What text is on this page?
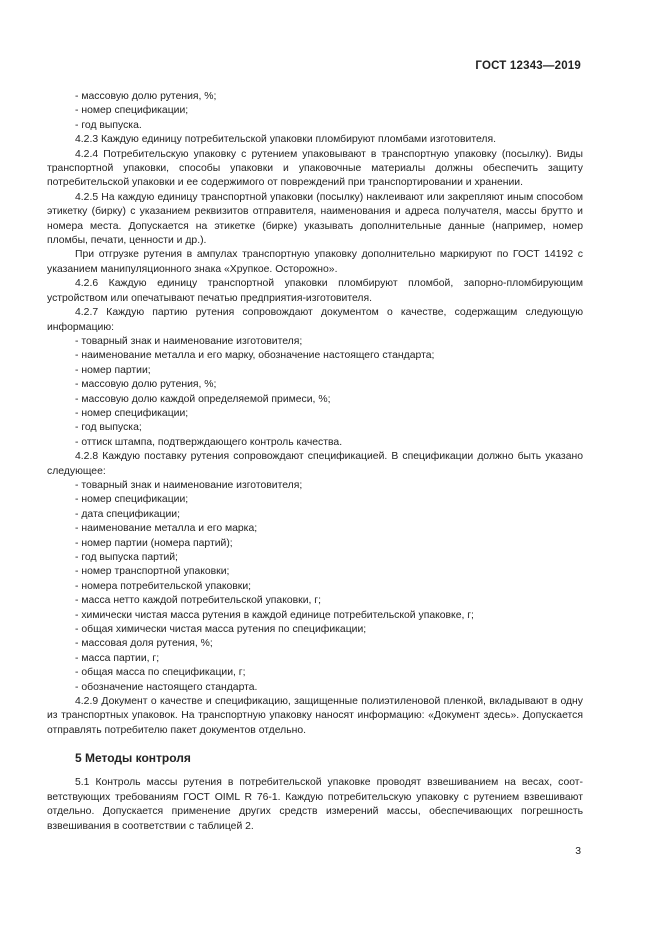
ГОСТ 12343—2019

- массовую долю рутения, %;

- номер спецификации;

- год выпуска.

4.2.3 Каждую единицу потребительской упаковки пломбируют пломбами изготовителя.

4.2.4 Потребительскую упаковку с рутением упаковывают в транспортную упаковку (посылку). Виды транспортной упаковки, способы упаковки и упаковочные материалы должны обеспечить защиту потребительской упаковки и ее содержимого от повреждений при транспортировании и хранении.

4.2.5 На каждую единицу транспортной упаковки (посылку) наклеивают или закрепляют иным способом этикетку (бирку) с указанием реквизитов отправителя, наименования и адреса получателя, массы брутто и номера места. Допускается на этикетке (бирке) указывать дополнительные данные (например, номер пломбы, печати, ценности и др.).

При отгрузке рутения в ампулах транспортную упаковку дополнительно маркируют по ГОСТ 14192 с указанием манипуляционного знака «Хрупкое. Осторожно».

4.2.6 Каждую единицу транспортной упаковки пломбируют пломбой, запорно-пломбирующим устройством или опечатывают печатью предприятия-изготовителя.

4.2.7 Каждую партию рутения сопровождают документом о качестве, содержащим следующую информацию:

- товарный знак и наименование изготовителя;

- наименование металла и его марку, обозначение настоящего стандарта;

- номер партии;

- массовую долю рутения, %;

- массовую долю каждой определяемой примеси, %;

- номер спецификации;

- год выпуска;

- оттиск штампа, подтверждающего контроль качества.

4.2.8 Каждую поставку рутения сопровождают спецификацией. В спецификации должно быть указано следующее:

- товарный знак и наименование изготовителя;

- номер спецификации;

- дата спецификации;

- наименование металла и его марка;

- номер партии (номера партий);

- год выпуска партий;

- номер транспортной упаковки;

- номера потребительской упаковки;

- масса нетто каждой потребительской упаковки, г;

- химически чистая масса рутения в каждой единице потребительской упаковке, г;

- общая химически чистая масса рутения по спецификации;

- массовая доля рутения, %;

- масса партии, г;

- общая масса по спецификации, г;

- обозначение настоящего стандарта.

4.2.9 Документ о качестве и спецификацию, защищенные полиэтиленовой пленкой, вкладывают в одну из транспортных упаковок. На транспортную упаковку наносят информацию: «Документ здесь». Допускается отправлять потребителю пакет документов отдельно.

5 Методы контроля

5.1 Контроль массы рутения в потребительской упаковке проводят взвешиванием на весах, соответствующих требованиям ГОСТ OIML R 76-1. Каждую потребительскую упаковку с рутением взвешивают отдельно. Допускается применение других средств измерений массы, обеспечивающих погрешность взвешивания в соответствии с таблицей 2.

3
